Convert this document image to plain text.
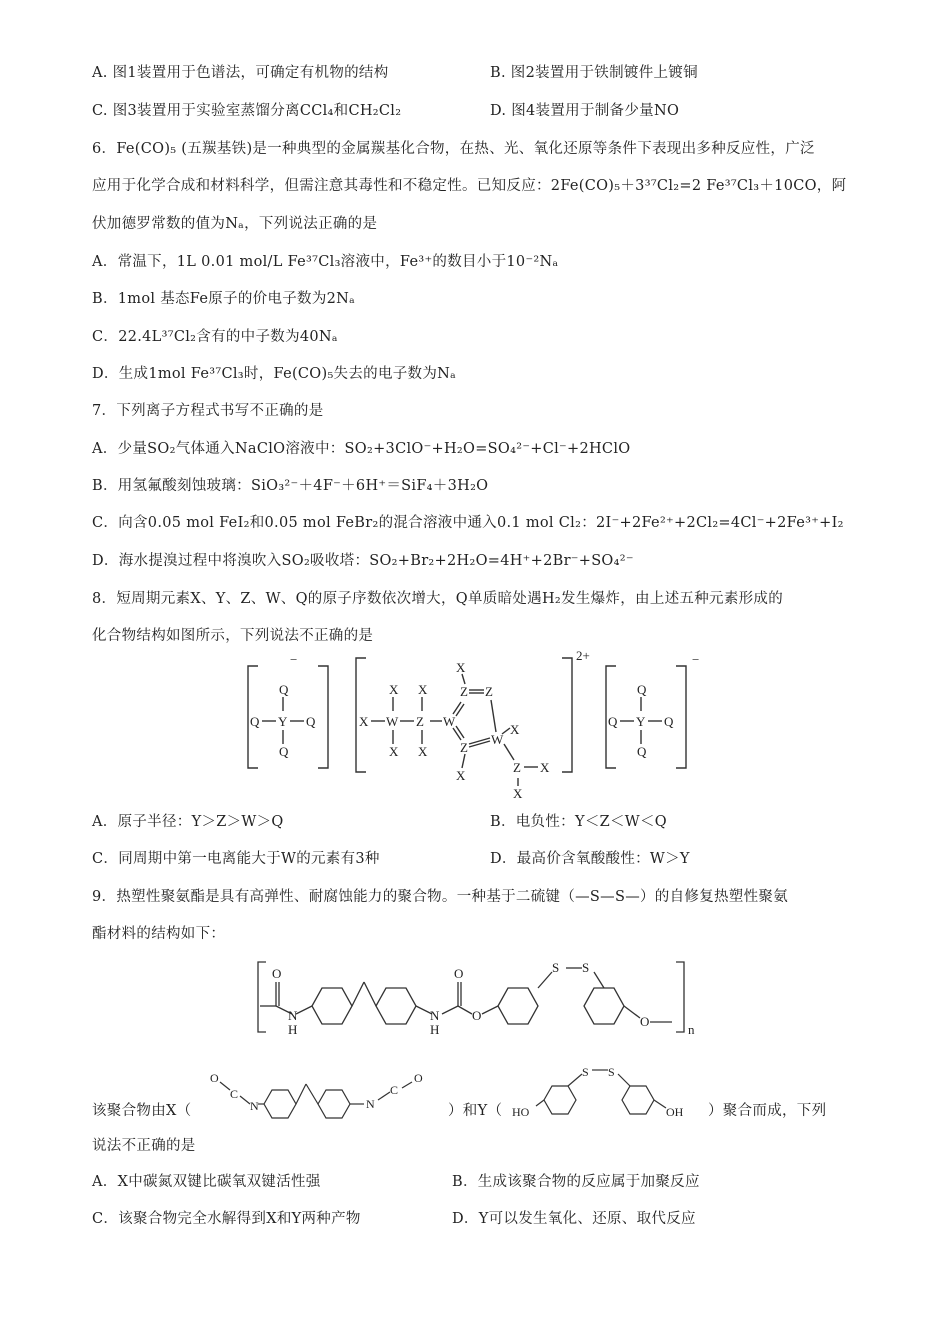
A. 图1装置用于色谱法，可确定有机物的结构	B. 图2装置用于铁制镀件上镀铜
C. 图3装置用于实验室蒸馏分离CCl₄和CH₂Cl₂	D. 图4装置用于制备少量NO
6．Fe(CO)₅ (五羰基铁)是一种典型的金属羰基化合物，在热、光、氧化还原等条件下表现出多种反应性，广泛
应用于化学合成和材料科学，但需注意其毒性和不稳定性。已知反应：2Fe(CO)₅＋3³⁷Cl₂=2 Fe³⁷Cl₃＋10CO，阿
伏加德罗常数的值为Nₐ，下列说法正确的是
A．常温下，1L 0.01 mol/L Fe³⁷Cl₃溶液中，Fe³⁺的数目小于10⁻²Nₐ
B．1mol 基态Fe原子的价电子数为2Nₐ
C．22.4L³⁷Cl₂含有的中子数为40Nₐ
D．生成1mol Fe³⁷Cl₃时，Fe(CO)₅失去的电子数为Nₐ
7．下列离子方程式书写不正确的是
A．少量SO₂气体通入NaClO溶液中：SO₂+3ClO⁻+H₂O=SO₄²⁻+Cl⁻+2HClO
B．用氢氟酸刻蚀玻璃：SiO₃²⁻＋4F⁻＋6H⁺＝SiF₄＋3H₂O
C．向含0.05 mol FeI₂和0.05 mol FeBr₂的混合溶液中通入0.1 mol Cl₂：2I⁻+2Fe²⁺+2Cl₂=4Cl⁻+2Fe³⁺+I₂
D．海水提溴过程中将溴吹入SO₂吸收塔：SO₂+Br₂+2H₂O=4H⁺+2Br⁻+SO₄²⁻
8．短周期元素X、Y、Z、W、Q的原子序数依次增大，Q单质暗处遇H₂发生爆炸，由上述五种元素形成的
化合物结构如图所示，下列说法不正确的是
−
Q
Q Y Q
Q
2+
X X
X W Z W
X X
X
Z Z
Z
W
X
X
Z X
X
−
Q
Q Y Q
Q
A．原子半径：Y＞Z＞W＞Q	B．电负性：Y＜Z＜W＜Q
C．同周期中第一电离能大于W的元素有3种	D．最高价含氧酸酸性：W＞Y
9．热塑性聚氨酯是具有高弹性、耐腐蚀能力的聚合物。一种基于二硫键（—S—S—）的自修复热塑性聚氨
酯材料的结构如下：
O
N
H
N
H
O
O
S S
O
n
该聚合物由X（
O
C
N	N
C
O
）和Y（ HO
S S
OH ）聚合而成，下列
说法不正确的是
A．X中碳氮双键比碳氧双键活性强	B．生成该聚合物的反应属于加聚反应
C．该聚合物完全水解得到X和Y两种产物	D．Y可以发生氧化、还原、取代反应
